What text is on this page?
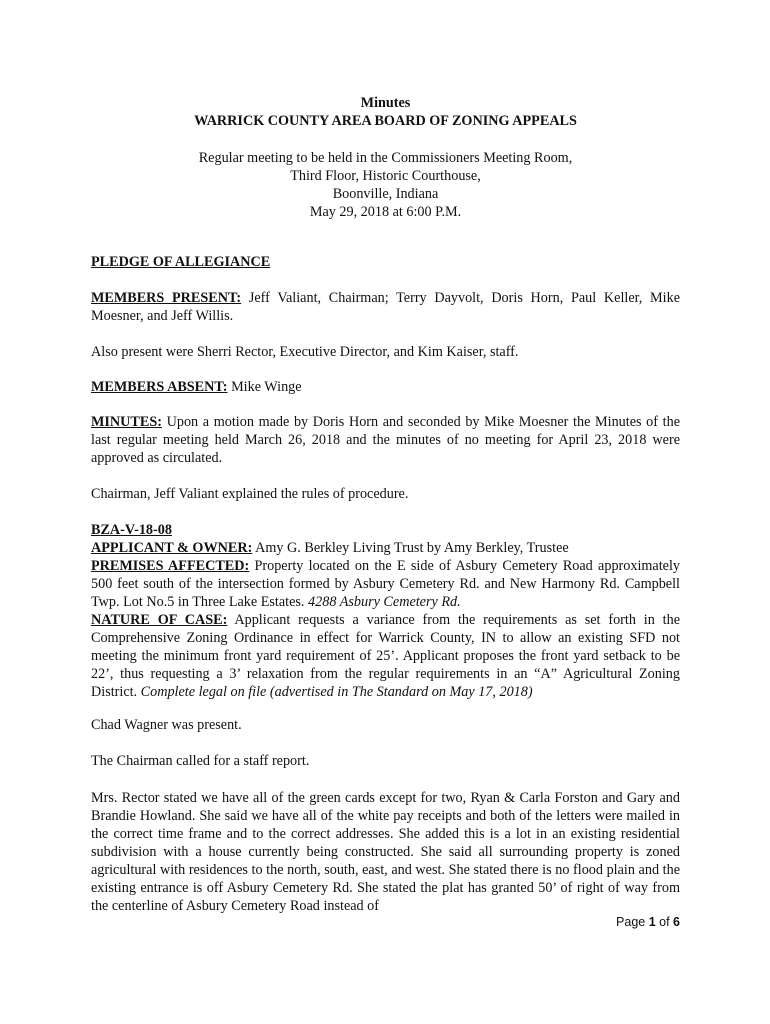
Minutes
WARRICK COUNTY AREA BOARD OF ZONING APPEALS
Regular meeting to be held in the Commissioners Meeting Room,
Third Floor, Historic Courthouse,
Boonville, Indiana
May 29, 2018 at 6:00 P.M.
PLEDGE OF ALLEGIANCE

MEMBERS PRESENT: Jeff Valiant, Chairman; Terry Dayvolt, Doris Horn, Paul Keller, Mike Moesner, and Jeff Willis.

Also present were Sherri Rector, Executive Director, and Kim Kaiser, staff.

MEMBERS ABSENT: Mike Winge

MINUTES: Upon a motion made by Doris Horn and seconded by Mike Moesner the Minutes of the last regular meeting held March 26, 2018 and the minutes of no meeting for April 23, 2018 were approved as circulated.

Chairman, Jeff Valiant explained the rules of procedure.

BZA-V-18-08
APPLICANT & OWNER: Amy G. Berkley Living Trust by Amy Berkley, Trustee
PREMISES AFFECTED: Property located on the E side of Asbury Cemetery Road approximately 500 feet south of the intersection formed by Asbury Cemetery Rd. and New Harmony Rd. Campbell Twp. Lot No.5 in Three Lake Estates. 4288 Asbury Cemetery Rd.
NATURE OF CASE: Applicant requests a variance from the requirements as set forth in the Comprehensive Zoning Ordinance in effect for Warrick County, IN to allow an existing SFD not meeting the minimum front yard requirement of 25’. Applicant proposes the front yard setback to be 22’, thus requesting a 3’ relaxation from the regular requirements in an “A” Agricultural Zoning District. Complete legal on file (advertised in The Standard on May 17, 2018)

Chad Wagner was present.

The Chairman called for a staff report.

Mrs. Rector stated we have all of the green cards except for two, Ryan & Carla Forston and Gary and Brandie Howland. She said we have all of the white pay receipts and both of the letters were mailed in the correct time frame and to the correct addresses. She added this is a lot in an existing residential subdivision with a house currently being constructed. She said all surrounding property is zoned agricultural with residences to the north, south, east, and west. She stated there is no flood plain and the existing entrance is off Asbury Cemetery Rd. She stated the plat has granted 50’ of right of way from the centerline of Asbury Cemetery Road instead of

Page 1 of 6
